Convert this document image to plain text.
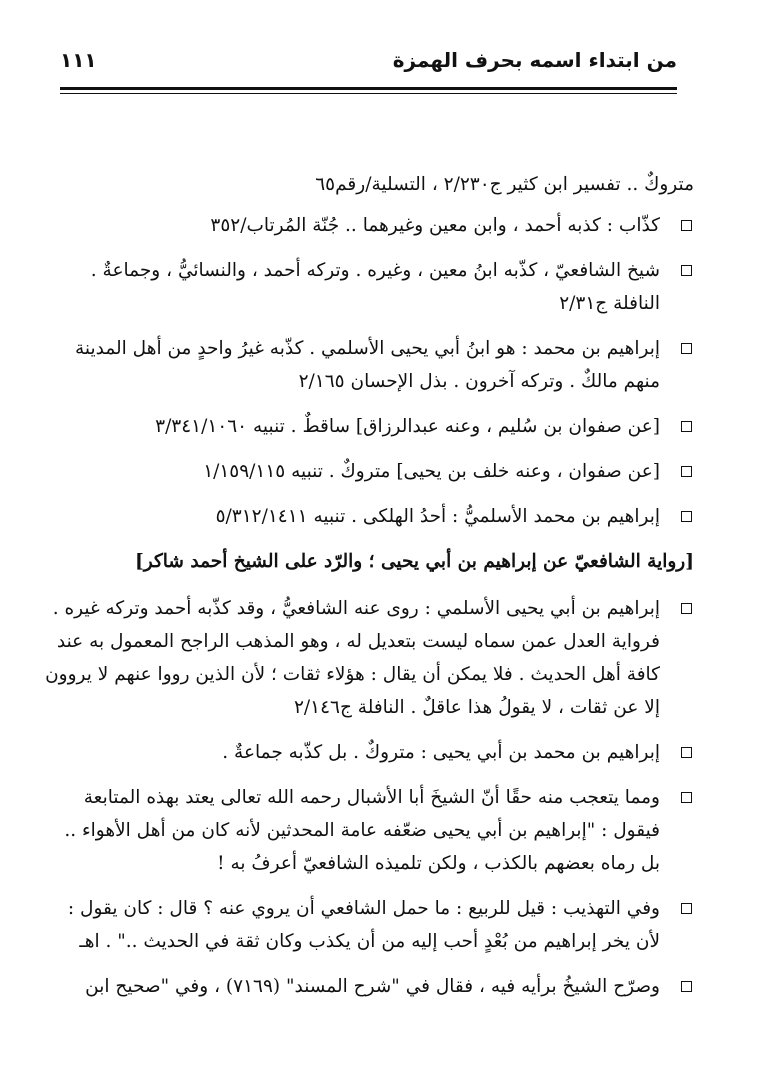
من ابتداء اسمه بحرف الهمزة
١١١

متروكٌ .. تفسير ابن كثير ج٢/٢٣٠ ، التسلية/رقم٦٥

كذّاب : كذبه أحمد ، وابن معين وغيرهما .. جُنّة المُرتاب/٣٥٢
شيخ الشافعيّ ، كذّبه ابنُ معين ، وغيره . وتركه أحمد ، والنسائيُّ ، وجماعةٌ . النافلة ج٢/٣١
إبراهيم بن محمد : هو ابنُ أبي يحيى الأسلمي . كذّبه غيرُ واحدٍ من أهل المدينة منهم مالكٌ . وتركه آخرون . بذل الإحسان ٢/١٦٥
[عن صفوان بن سُليم ، وعنه عبدالرزاق] ساقطٌ . تنبيه ٣/٣٤١/١٠٦٠
[عن صفوان ، وعنه خلف بن يحيى] متروكٌ . تنبيه ١/١٥٩/١١٥
إبراهيم بن محمد الأسلميُّ : أحدُ الهلكى . تنبيه ٥/٣١٢/١٤١١

[رواية الشافعيّ عن إبراهيم بن أبي يحيى ؛ والرّد على الشيخ أحمد شاكر]

إبراهيم بن أبي يحيى الأسلمي : روى عنه الشافعيُّ ، وقد كذّبه أحمد وتركه غيره . فرواية العدل عمن سماه ليست بتعديل له ، وهو المذهب الراجح المعمول به عند كافة أهل الحديث . فلا يمكن أن يقال : هؤلاء ثقات ؛ لأن الذين رووا عنهم لا يروون إلا عن ثقات ، لا يقولُ هذا عاقلٌ . النافلة ج٢/١٤٦
إبراهيم بن محمد بن أبي يحيى : متروكٌ . بل كذّبه جماعةٌ .
ومما يتعجب منه حقًا أنّ الشيخَ أبا الأشبال رحمه الله تعالى يعتد بهذه المتابعة فيقول : "إبراهيم بن أبي يحيى ضعّفه عامة المحدثين لأنه كان من أهل الأهواء .. بل رماه بعضهم بالكذب ، ولكن تلميذه الشافعيّ أعرفُ به !
وفي التهذيب : قيل للربيع : ما حمل الشافعي أن يروي عنه ؟ قال : كان يقول : لأن يخر إبراهيم من بُعْدٍ أحب إليه من أن يكذب وكان ثقة في الحديث .." . اهـ
وصرّح الشيخُ برأيه فيه ، فقال في "شرح المسند" (٧١٦٩) ، وفي "صحيح ابن
